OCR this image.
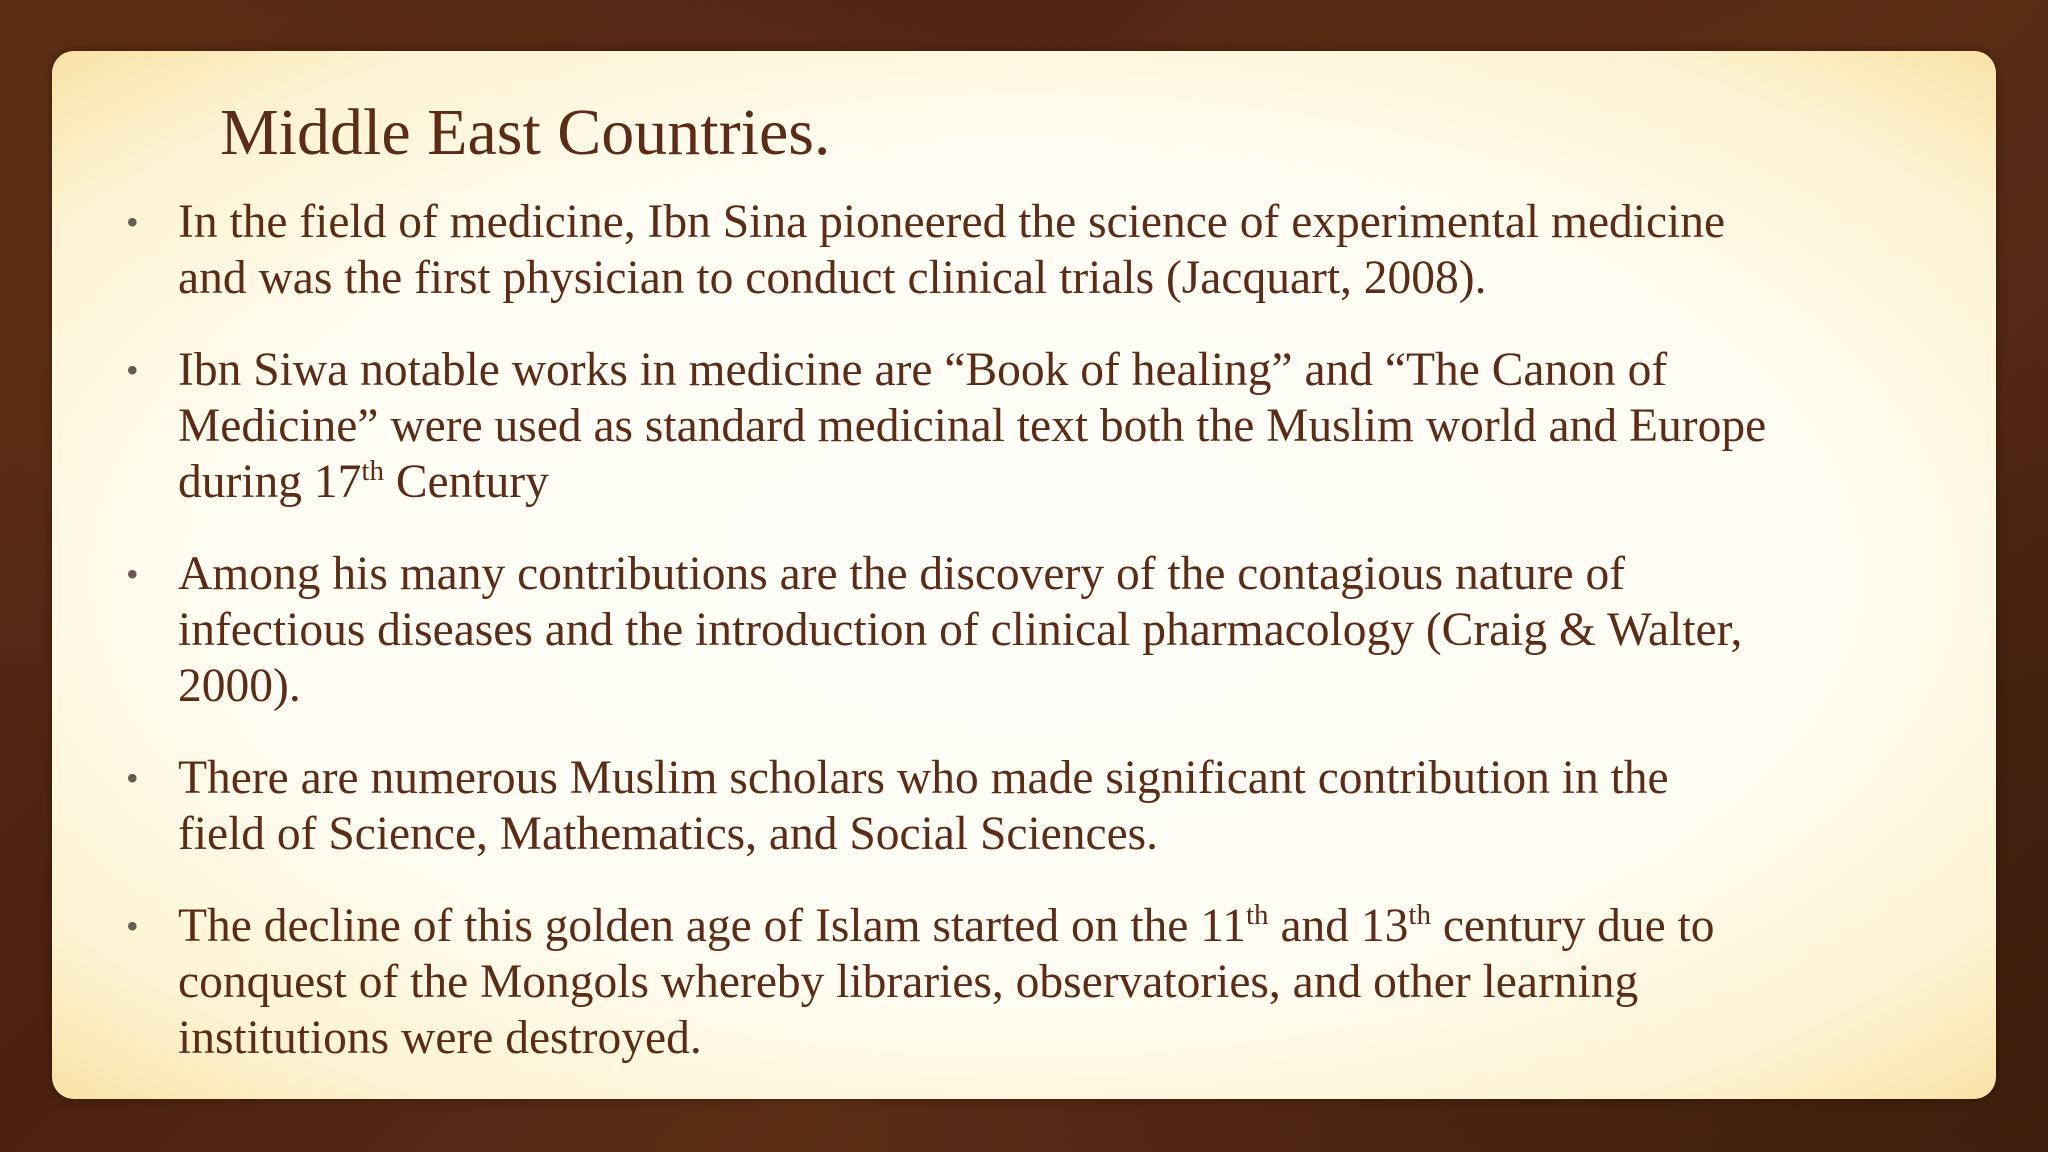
Middle East Countries.
• In the field of medicine, Ibn Sina pioneered the science of experimental medicine
and was the first physician to conduct clinical trials (Jacquart, 2008).
• Ibn Siwa notable works in medicine are “Book of healing” and “The Canon of
Medicine” were used as standard medicinal text both the Muslim world and Europe
during 17th Century
• Among his many contributions are the discovery of the contagious nature of
infectious diseases and the introduction of clinical pharmacology (Craig & Walter,
2000).
• There are numerous Muslim scholars who made significant contribution in the
field of Science, Mathematics, and Social Sciences.
• The decline of this golden age of Islam started on the 11th and 13th century due to
conquest of the Mongols whereby libraries, observatories, and other learning
institutions were destroyed.
